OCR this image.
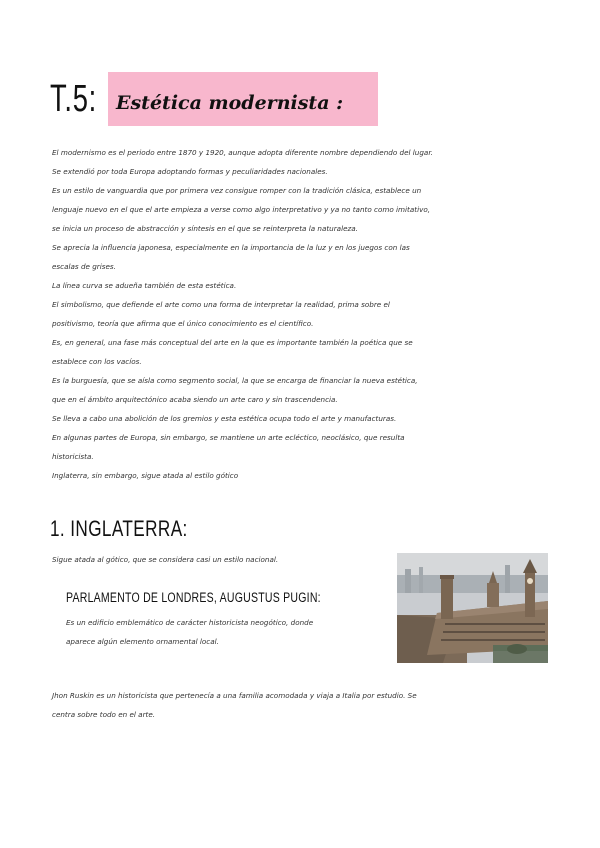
T.5: Estética modernista :

El modernismo es el periodo entre 1870 y 1920, aunque adopta diferente nombre dependiendo del lugar.

Se extendió por toda Europa adoptando formas y peculiaridades nacionales.

Es un estilo de vanguardia que por primera vez consigue romper con la tradición clásica, establece un

lenguaje nuevo en el que el arte empieza a verse como algo interpretativo y ya no tanto como imitativo,

se inicia un proceso de abstracción y síntesis en el que se reinterpreta la naturaleza.

Se aprecia la influencia japonesa, especialmente en la importancia de la luz y en los juegos con las

escalas de grises.

La línea curva se adueña también de esta estética.

El simbolismo, que defiende el arte como una forma de interpretar la realidad, prima sobre el

positivismo, teoría que afirma que el único conocimiento es el científico.

Es, en general, una fase más conceptual del arte en la que es importante también la poética que se

establece con los vacíos.

Es la burguesía, que se aísla como segmento social, la que se encarga de financiar la nueva estética,

que en el ámbito arquitectónico acaba siendo un arte caro y sin trascendencia.

Se lleva a cabo una abolición de los gremios y esta estética ocupa todo el arte y manufacturas.

En algunas partes de Europa, sin embargo, se mantiene un arte ecléctico, neoclásico, que resulta

historicista.

Inglaterra, sin embargo, sigue atada al estilo gótico

1. INGLATERRA:
Sigue atada al gótico, que se considera casi un estilo nacional.
PARLAMENTO DE LONDRES, AUGUSTUS PUGIN:

Es un edificio emblemático de carácter historicista neogótico, donde

aparece algún elemento ornamental local.

Jhon Ruskin es un historicista que pertenecía a una familia acomodada y viaja a Italia por estudio. Se

centra sobre todo en el arte.
